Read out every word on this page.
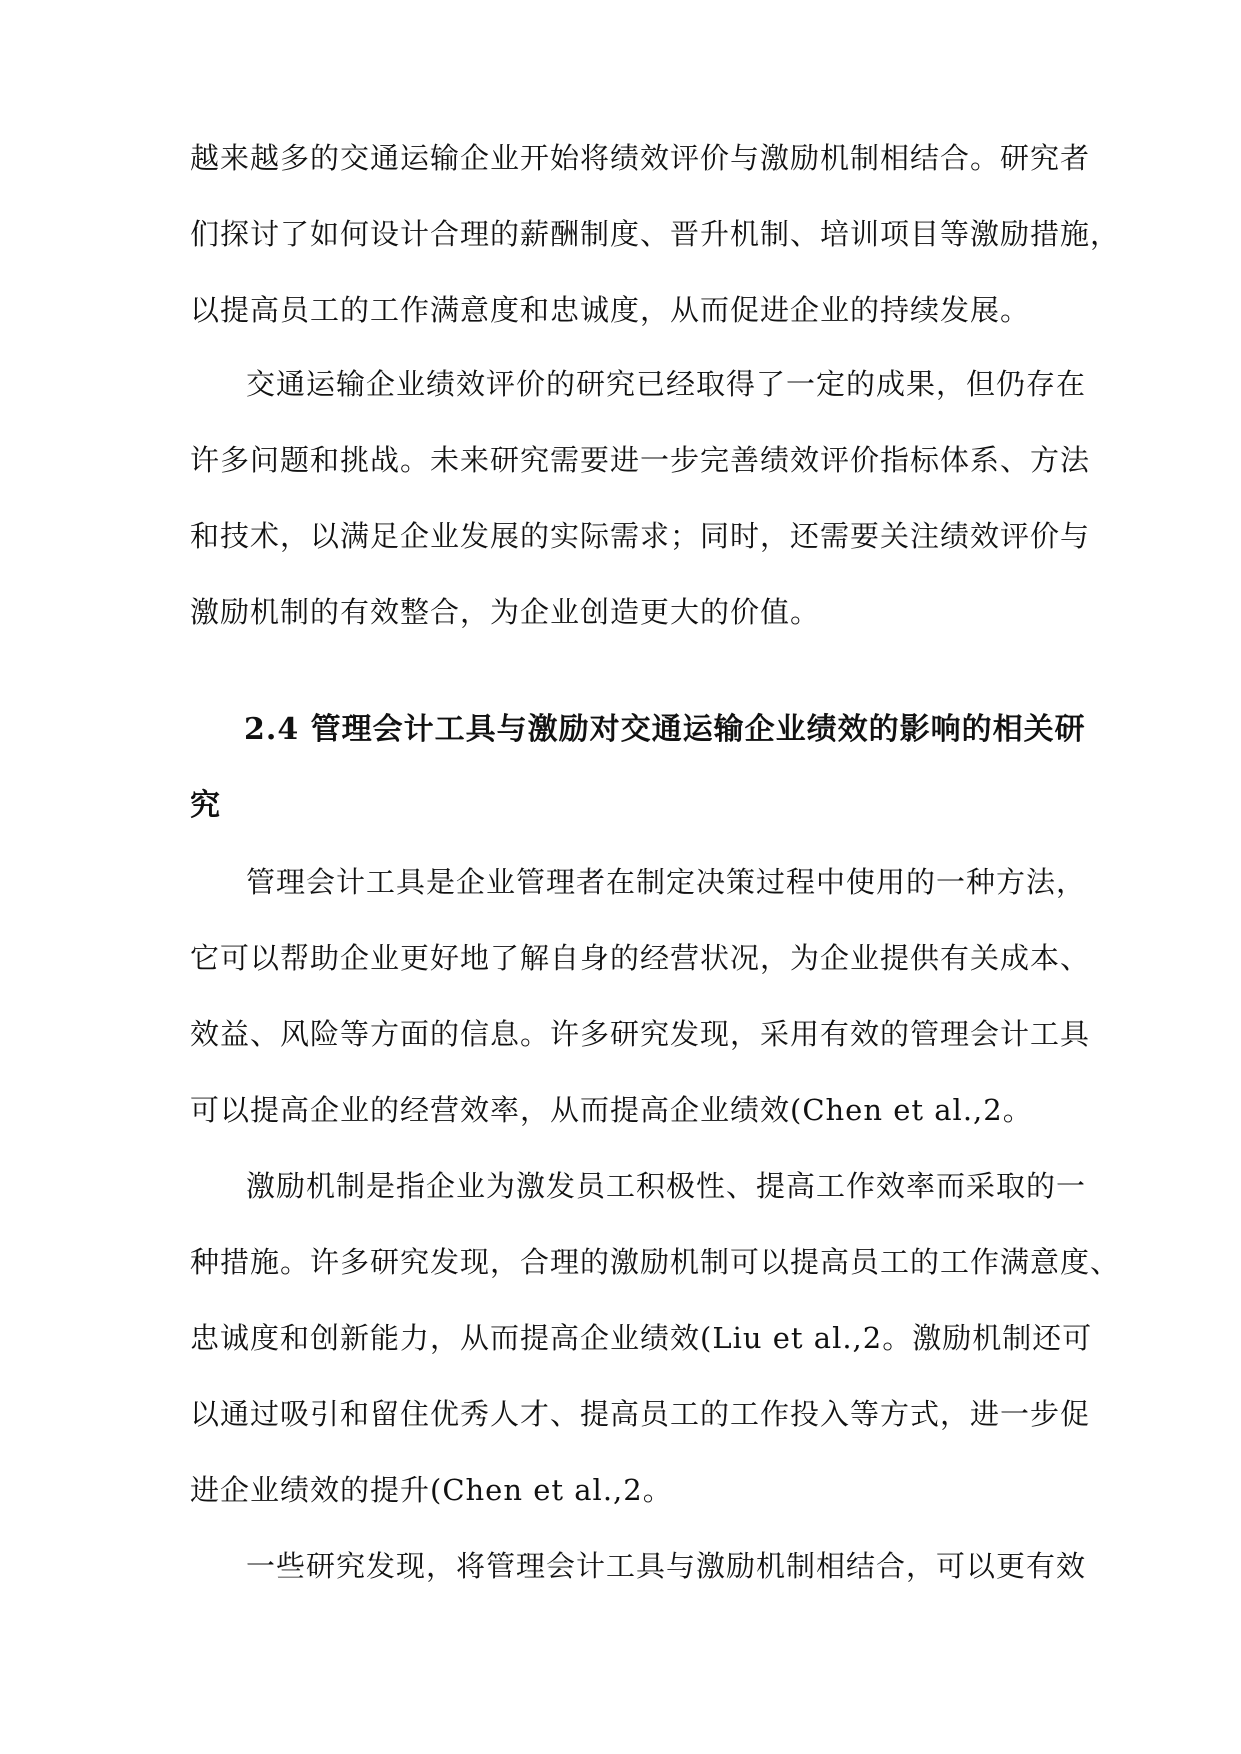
越来越多的交通运输企业开始将绩效评价与激励机制相结合。研究者
们探讨了如何设计合理的薪酬制度、晋升机制、培训项目等激励措施，
以提高员工的工作满意度和忠诚度，从而促进企业的持续发展。
交通运输企业绩效评价的研究已经取得了一定的成果，但仍存在
许多问题和挑战。未来研究需要进一步完善绩效评价指标体系、方法
和技术，以满足企业发展的实际需求；同时，还需要关注绩效评价与
激励机制的有效整合，为企业创造更大的价值。
2.4 管理会计工具与激励对交通运输企业绩效的影响的相关研
究
管理会计工具是企业管理者在制定决策过程中使用的一种方法，
它可以帮助企业更好地了解自身的经营状况，为企业提供有关成本、
效益、风险等方面的信息。许多研究发现，采用有效的管理会计工具
可以提高企业的经营效率，从而提高企业绩效(Chen et al.,2。
激励机制是指企业为激发员工积极性、提高工作效率而采取的一
种措施。许多研究发现，合理的激励机制可以提高员工的工作满意度、
忠诚度和创新能力，从而提高企业绩效(Liu et al.,2。激励机制还可
以通过吸引和留住优秀人才、提高员工的工作投入等方式，进一步促
进企业绩效的提升(Chen et al.,2。
一些研究发现，将管理会计工具与激励机制相结合，可以更有效
